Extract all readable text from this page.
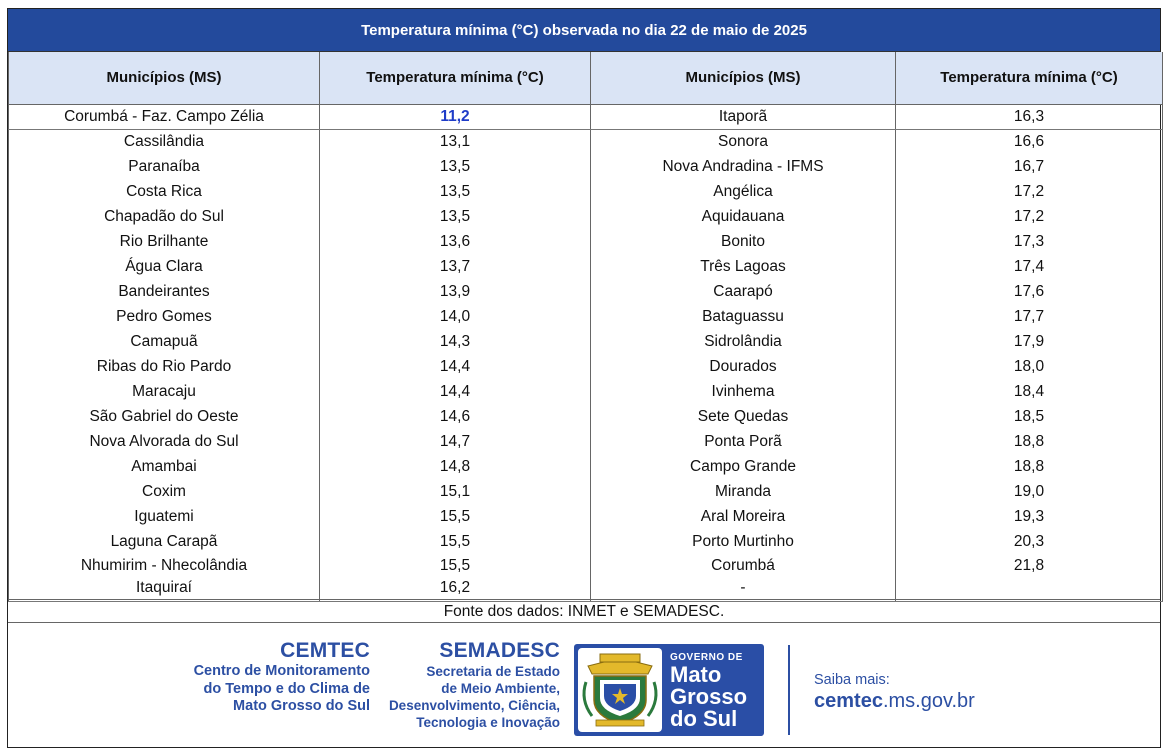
Temperatura mínima (°C) observada no dia 22 de maio de 2025
Municípios (MS)	Temperatura mínima (°C)	Municípios (MS)	Temperatura mínima (°C)
Corumbá - Faz. Campo Zélia	11,2	Itaporã	16,3
Cassilândia	13,1	Sonora	16,6
Paranaíba	13,5	Nova Andradina - IFMS	16,7
Costa Rica	13,5	Angélica	17,2
Chapadão do Sul	13,5	Aquidauana	17,2
Rio Brilhante	13,6	Bonito	17,3
Água Clara	13,7	Três Lagoas	17,4
Bandeirantes	13,9	Caarapó	17,6
Pedro Gomes	14,0	Bataguassu	17,7
Camapuã	14,3	Sidrolândia	17,9
Ribas do Rio Pardo	14,4	Dourados	18,0
Maracaju	14,4	Ivinhema	18,4
São Gabriel do Oeste	14,6	Sete Quedas	18,5
Nova Alvorada do Sul	14,7	Ponta Porã	18,8
Amambai	14,8	Campo Grande	18,8
Coxim	15,1	Miranda	19,0
Iguatemi	15,5	Aral Moreira	19,3
Laguna Carapã	15,5	Porto Murtinho	20,3
Nhumirim - Nhecolândia	15,5	Corumbá	21,8
Itaquiraí	16,2	-	
Fonte dos dados: INMET e SEMADESC.
CEMTEC
Centro de Monitoramento
do Tempo e do Clima de
Mato Grosso do Sul
SEMADESC
Secretaria de Estado
de Meio Ambiente,
Desenvolvimento, Ciência,
Tecnologia e Inovação
GOVERNO DE
Mato
Grosso
do Sul
Saiba mais:
cemtec.ms.gov.br
